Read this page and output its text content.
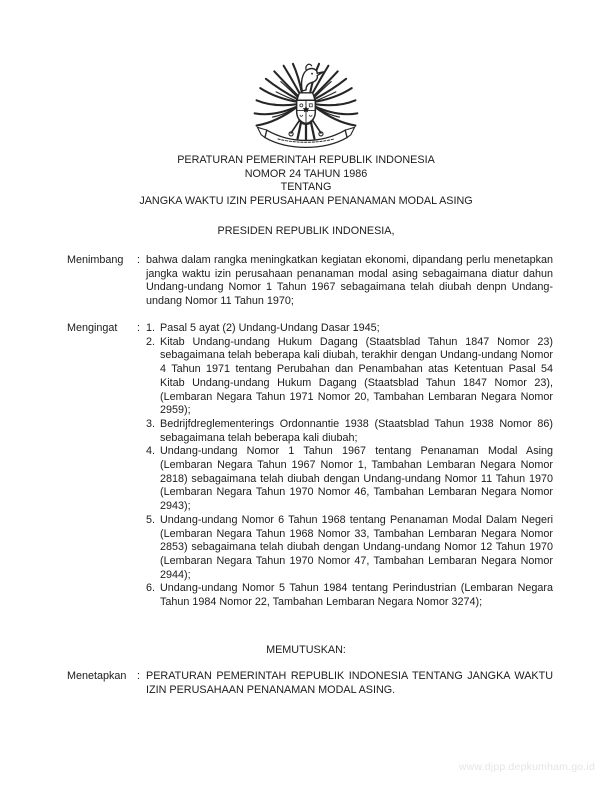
PERATURAN PEMERINTAH REPUBLIK INDONESIA
NOMOR 24 TAHUN 1986
TENTANG
JANGKA WAKTU IZIN PERUSAHAAN PENANAMAN MODAL ASING
PRESIDEN REPUBLIK INDONESIA,
Menimbang	: bahwa dalam rangka meningkatkan kegiatan ekonomi, dipandang perlu menetapkan jangka waktu izin perusahaan penanaman modal asing sebagaimana diatur dahun Undang-undang Nomor 1 Tahun 1967 sebagaimana telah diubah denpn Undang-undang Nomor 11 Tahun 1970;
Mengingat	: 1. Pasal 5 ayat (2) Undang-Undang Dasar 1945;
2. Kitab Undang-undang Hukum Dagang (Staatsblad Tahun 1847 Nomor 23) sebagaimana telah beberapa kali diubah, terakhir dengan Undang-undang Nomor 4 Tahun 1971 tentang Perubahan dan Penambahan atas Ketentuan Pasal 54 Kitab Undang-undang Hukum Dagang (Staatsblad Tahun 1847 Nomor 23), (Lembaran Negara Tahun 1971 Nomor 20, Tambahan Lembaran Negara Nomor 2959);
3. Bedrijfdreglementerings Ordonnantie 1938 (Staatsblad Tahun 1938 Nomor 86) sebagaimana telah beberapa kali diubah;
4. Undang-undang Nomor 1 Tahun 1967 tentang Penanaman Modal Asing (Lembaran Negara Tahun 1967 Nomor 1, Tambahan Lembaran Negara Nomor 2818) sebagaimana telah diubah dengan Undang-undang Nomor 11 Tahun 1970 (Lembaran Negara Tahun 1970 Nomor 46, Tambahan Lembaran Negara Nomor 2943);
5. Undang-undang Nomor 6 Tahun 1968 tentang Penanaman Modal Dalam Negeri (Lembaran Negara Tahun 1968 Nomor 33, Tambahan Lembaran Negara Nomor 2853) sebagaimana telah diubah dengan Undang-undang Nomor 12 Tahun 1970 (Lembaran Negara Tahun 1970 Nomor 47, Tambahan Lembaran Negara Nomor 2944);
6. Undang-undang Nomor 5 Tahun 1984 tentang Perindustrian (Lembaran Negara Tahun 1984 Nomor 22, Tambahan Lembaran Negara Nomor 3274);
MEMUTUSKAN:
Menetapkan : PERATURAN PEMERINTAH REPUBLIK INDONESIA TENTANG JANGKA WAKTU IZIN PERUSAHAAN PENANAMAN MODAL ASING.
www.djpp.depkumham.go.id
